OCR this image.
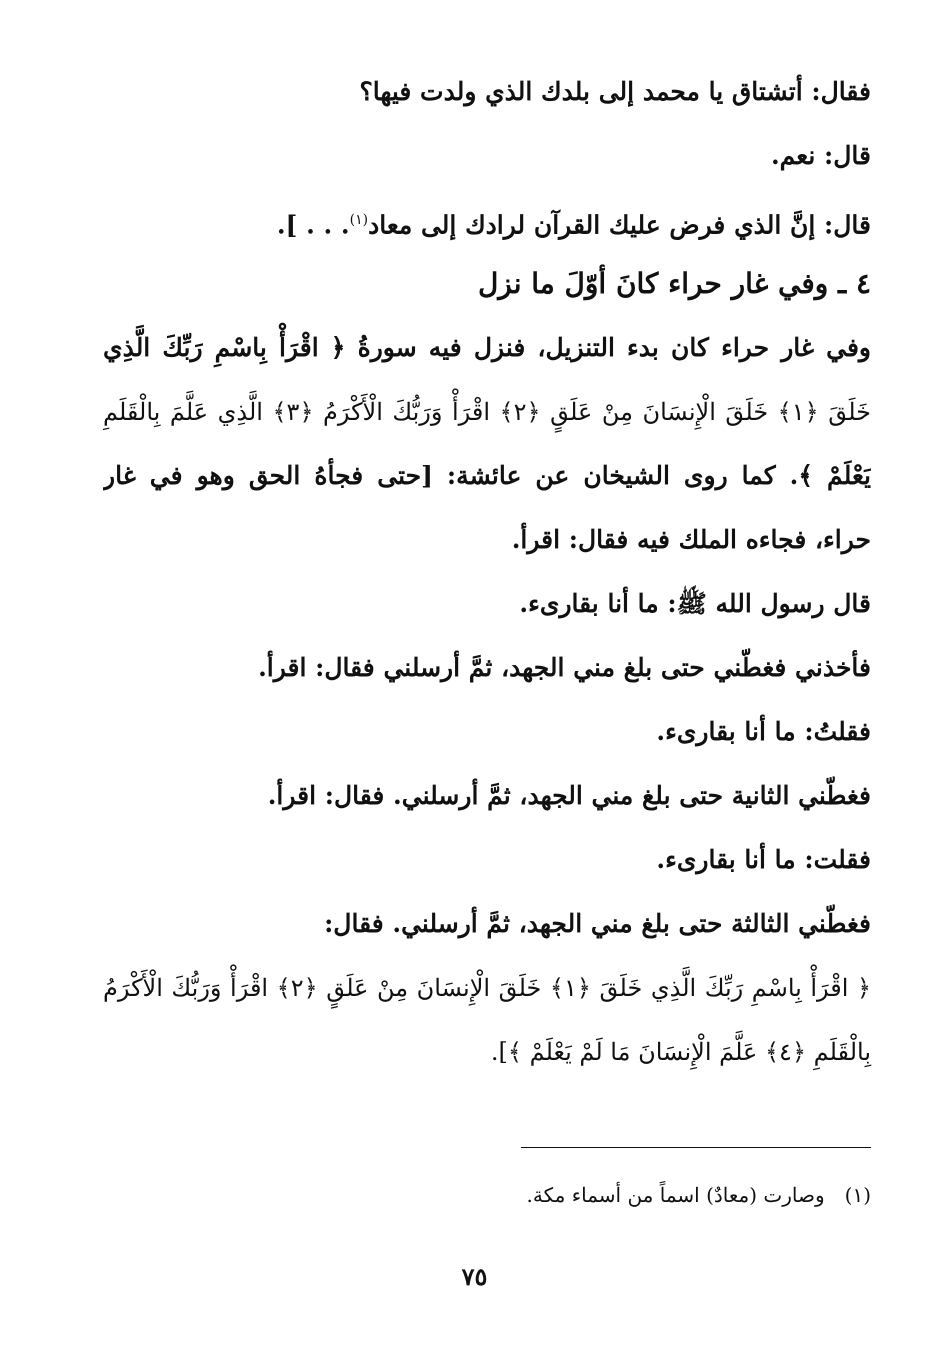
فقال: أتشتاق يا محمد إلى بلدك الذي ولدت فيها؟
قال: نعم.
قال: إنَّ الذي فرض عليك القرآن لرادك إلى معاد$^{(١)}$. . . ].
٤ ـ وفي غار حراء كانَ أوّلَ ما نزل
وفي غار حراء كان بدء التنزيل، فنزل فيه سورةُ ﴿ اقْرَأْ بِاسْمِ رَبِّكَ الَّذِي
خَلَقَ ﴿١﴾ خَلَقَ الْإِنسَانَ مِنْ عَلَقٍ ﴿٢﴾ اقْرَأْ وَرَبُّكَ الْأَكْرَمُ ﴿٣﴾ الَّذِي عَلَّمَ بِالْقَلَمِ
يَعْلَمْ ﴾. كما روى الشيخان عن عائشة: [حتى فجأهُ الحق وهو في غار
حراء، فجاءه الملك فيه فقال: اقرأ.
قال رسول الله ﷺ: ما أنا بقارىء.
فأخذني فغطّني حتى بلغ مني الجهد، ثمَّ أرسلني فقال: اقرأ.
فقلتُ: ما أنا بقارىء.
فغطّني الثانية حتى بلغ مني الجهد، ثمَّ أرسلني. فقال: اقرأ.
فقلت: ما أنا بقارىء.
فغطّني الثالثة حتى بلغ مني الجهد، ثمَّ أرسلني. فقال:
﴿ اقْرَأْ بِاسْمِ رَبِّكَ الَّذِي خَلَقَ ﴿١﴾ خَلَقَ الْإِنسَانَ مِنْ عَلَقٍ ﴿٢﴾ اقْرَأْ وَرَبُّكَ الْأَكْرَمُ
بِالْقَلَمِ ﴿٤﴾ عَلَّمَ الْإِنسَانَ مَا لَمْ يَعْلَمْ ﴾].
(١)وصارت (معادٌ) اسماً من أسماء مكة.
٧٥
